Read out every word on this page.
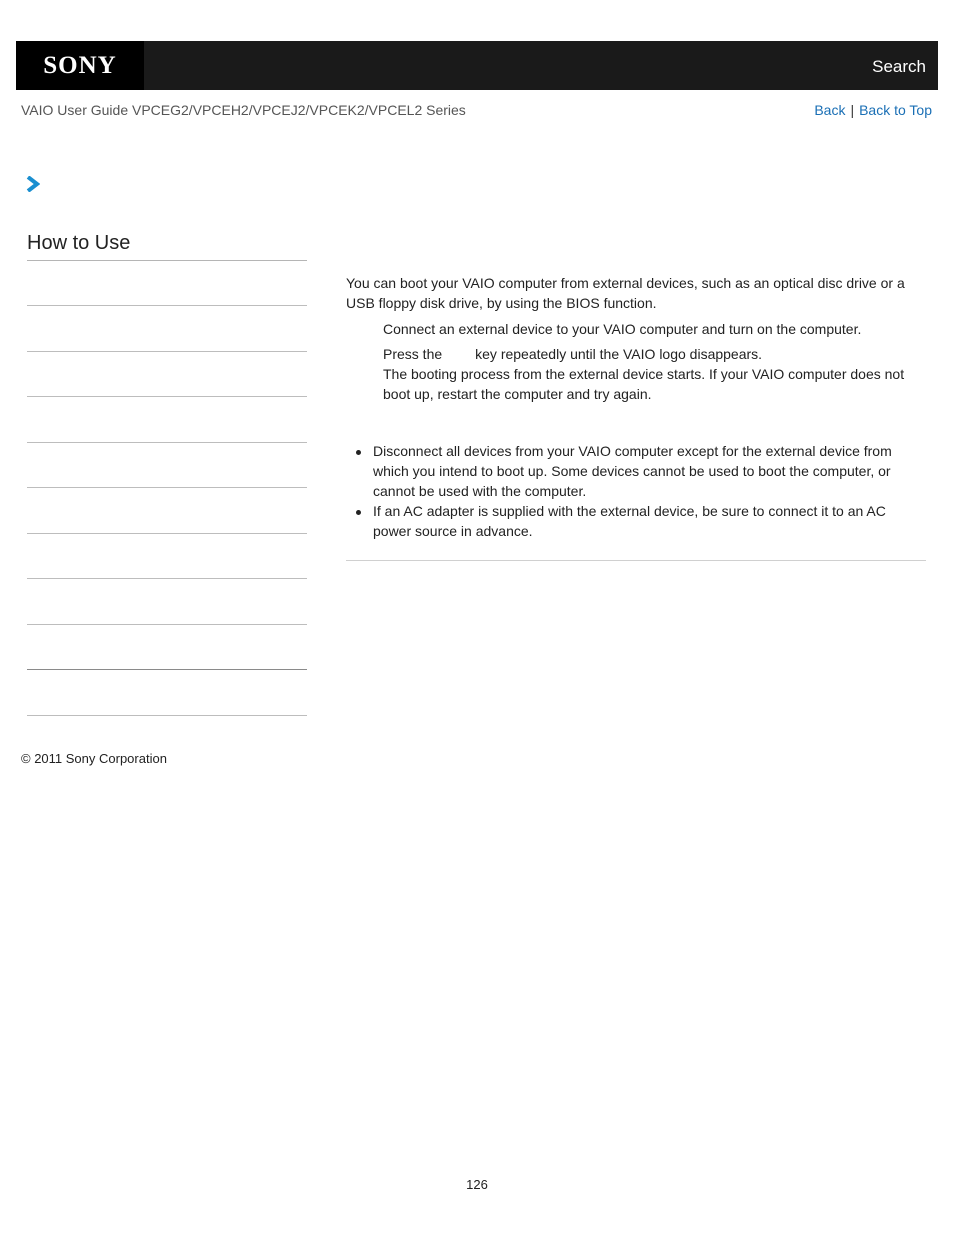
SONY	Search
VAIO User Guide VPCEG2/VPCEH2/VPCEJ2/VPCEK2/VPCEL2 Series	Back | Back to Top
How to Use
You can boot your VAIO computer from external devices, such as an optical disc drive or a USB floppy disk drive, by using the BIOS function.
Connect an external device to your VAIO computer and turn on the computer.
Press the key repeatedly until the VAIO logo disappears.
The booting process from the external device starts. If your VAIO computer does not boot up, restart the computer and try again.
Disconnect all devices from your VAIO computer except for the external device from which you intend to boot up. Some devices cannot be used to boot the computer, or cannot be used with the computer.
If an AC adapter is supplied with the external device, be sure to connect it to an AC power source in advance.
© 2011 Sony Corporation
126
